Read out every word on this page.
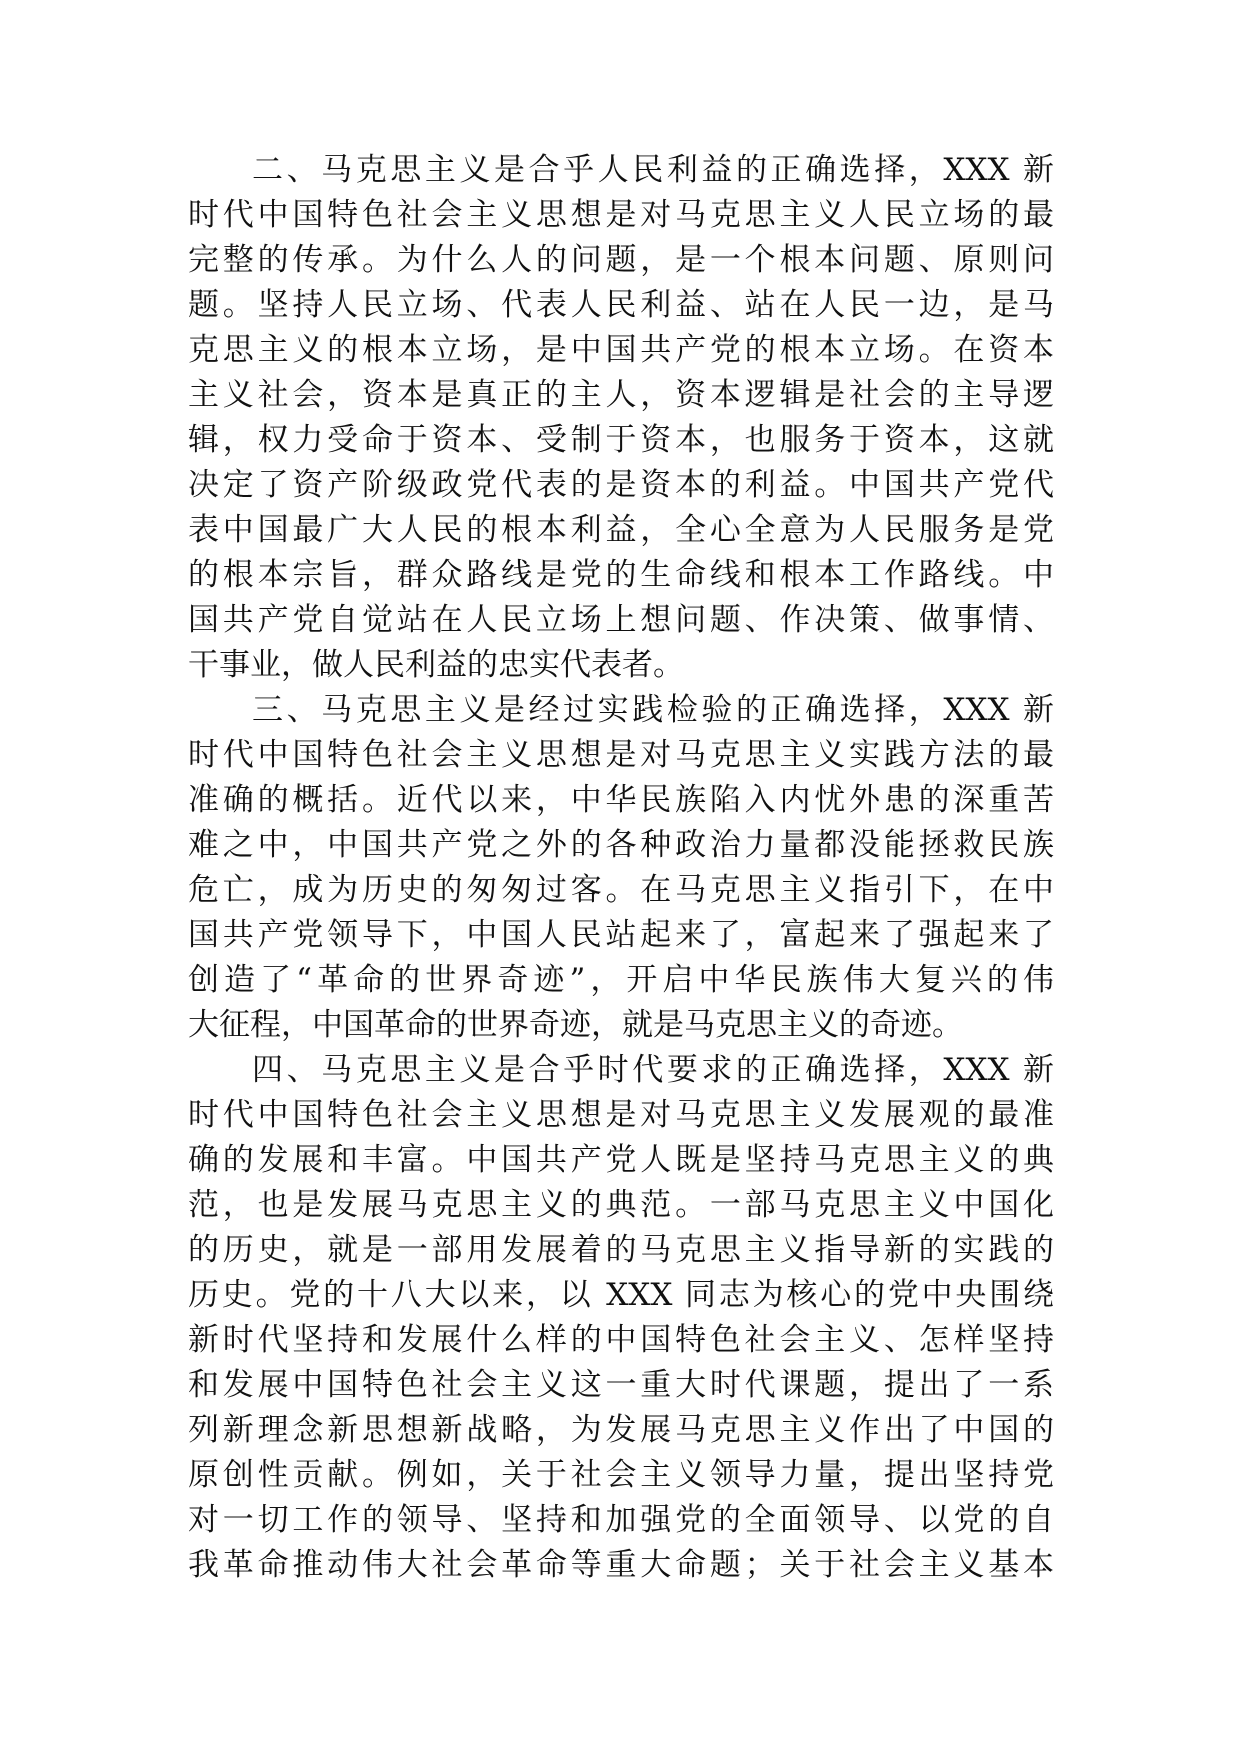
二、马克思主义是合乎人民利益的正确选择，XXX 新
时代中国特色社会主义思想是对马克思主义人民立场的最
完整的传承。为什么人的问题，是一个根本问题、原则问
题。坚持人民立场、代表人民利益、站在人民一边，是马
克思主义的根本立场，是中国共产党的根本立场。在资本
主义社会，资本是真正的主人，资本逻辑是社会的主导逻
辑，权力受命于资本、受制于资本，也服务于资本，这就
决定了资产阶级政党代表的是资本的利益。中国共产党代
表中国最广大人民的根本利益，全心全意为人民服务是党
的根本宗旨，群众路线是党的生命线和根本工作路线。中
国共产党自觉站在人民立场上想问题、作决策、做事情、
干事业，做人民利益的忠实代表者。
三、马克思主义是经过实践检验的正确选择，XXX 新
时代中国特色社会主义思想是对马克思主义实践方法的最
准确的概括。近代以来，中华民族陷入内忧外患的深重苦
难之中，中国共产党之外的各种政治力量都没能拯救民族
危亡，成为历史的匆匆过客。在马克思主义指引下，在中
国共产党领导下，中国人民站起来了，富起来了强起来了
创造了“革命的世界奇迹”，开启中华民族伟大复兴的伟
大征程，中国革命的世界奇迹，就是马克思主义的奇迹。
四、马克思主义是合乎时代要求的正确选择，XXX 新
时代中国特色社会主义思想是对马克思主义发展观的最准
确的发展和丰富。中国共产党人既是坚持马克思主义的典
范，也是发展马克思主义的典范。一部马克思主义中国化
的历史，就是一部用发展着的马克思主义指导新的实践的
历史。党的十八大以来，以 XXX 同志为核心的党中央围绕
新时代坚持和发展什么样的中国特色社会主义、怎样坚持
和发展中国特色社会主义这一重大时代课题，提出了一系
列新理念新思想新战略，为发展马克思主义作出了中国的
原创性贡献。例如，关于社会主义领导力量，提出坚持党
对一切工作的领导、坚持和加强党的全面领导、以党的自
我革命推动伟大社会革命等重大命题；关于社会主义基本
